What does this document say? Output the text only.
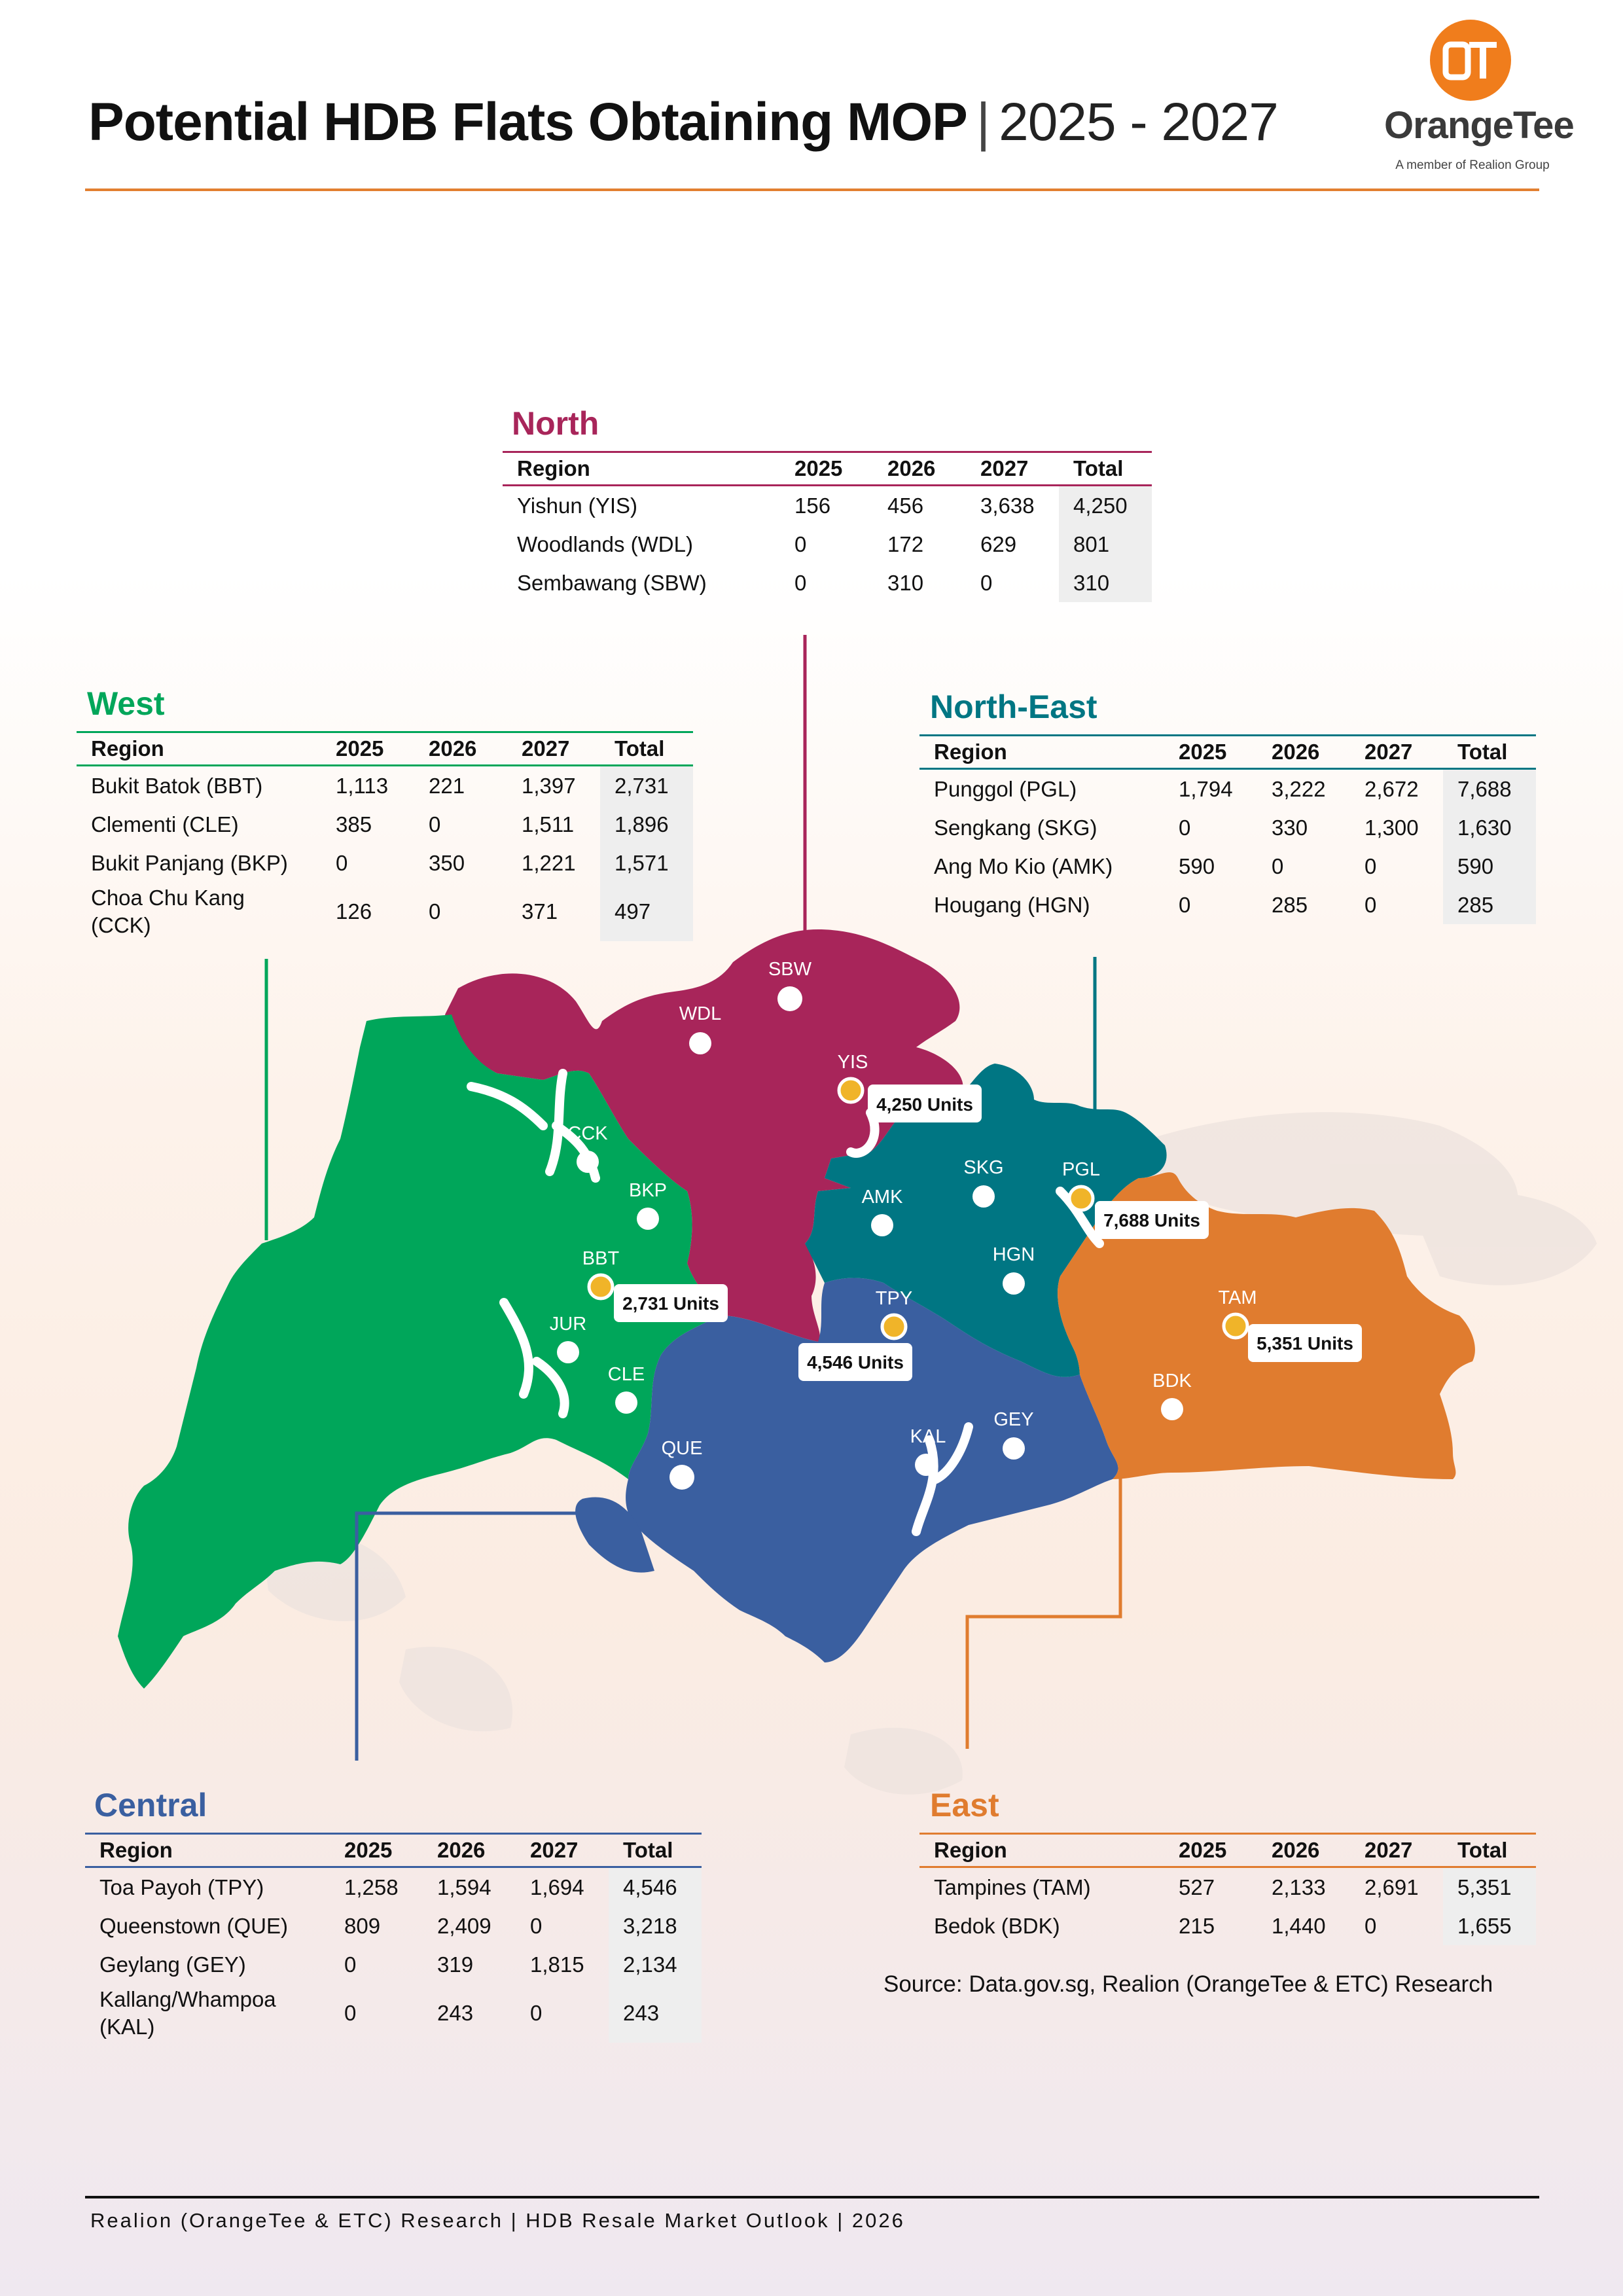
Potential HDB Flats Obtaining MOP | 2025 - 2027	OrangeTee
A member of Realion Group
SBW
WDL
YIS
CCK
BKP
BBT
JUR
CLE
QUE
TPY
AMK
SKG	PGL
HGN
KAL
GEY
TAM
BDK
4,250 Units
7,688 Units
2,731 Units
4,546 Units
5,351 Units
North
Region	2025	2026	2027	Total
Yishun (YIS)	156	456	3,638	4,250
Woodlands (WDL)	0	172	629	801
Sembawang (SBW)	0	310	0	310
West
Region	2025	2026	2027	Total
Bukit Batok (BBT)	1,113	221	1,397	2,731
Clementi (CLE)	385	0	1,511	1,896
Bukit Panjang (BKP)	0	350	1,221	1,571
Choa Chu Kang (CCK)	126	0	371	497
North-East
Region	2025	2026	2027	Total
Punggol (PGL)	1,794	3,222	2,672	7,688
Sengkang (SKG)	0	330	1,300	1,630
Ang Mo Kio (AMK)	590	0	0	590
Hougang (HGN)	0	285	0	285
Central
Region	2025	2026	2027	Total
Toa Payoh (TPY)	1,258	1,594	1,694	4,546
Queenstown (QUE)	809	2,409	0	3,218
Geylang (GEY)	0	319	1,815	2,134
Kallang/Whampoa (KAL)	0	243	0	243
East
Region	2025	2026	2027	Total
Tampines (TAM)	527	2,133	2,691	5,351
Bedok (BDK)	215	1,440	0	1,655
Source: Data.gov.sg, Realion (OrangeTee & ETC) Research
Realion (OrangeTee & ETC) Research | HDB Resale Market Outlook | 2026
